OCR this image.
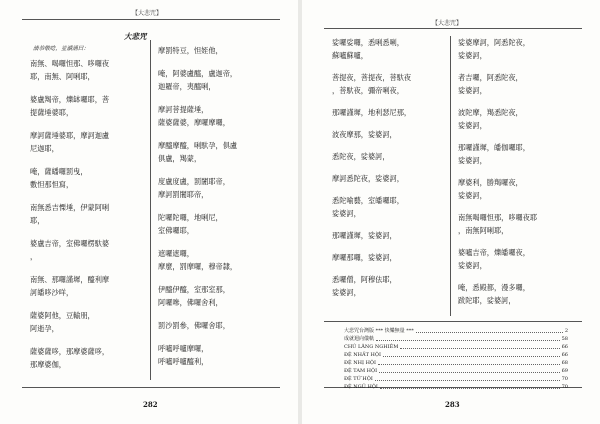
【大悲咒】
請恭敬唸，並讀誦曰：
大悲咒
南無、喝囉怛那、哆囉夜
耶，南無、阿唎耶，
婆盧羯帝，爍缽囉耶，菩
提薩埵婆耶，
摩訶薩埵婆耶，摩訶迦盧
尼迦耶，
唵，薩皤囉罰曳，
數怛那怛寫，
南無悉吉慄埵，伊蒙阿唎
耶，
婆盧吉帝，室佛囉楞馱婆
，
南無、那囉謹墀，醯利摩
訶皤哆沙咩，
薩婆阿他，豆輸朋，
阿逝孕，
薩婆薩哆，那摩婆薩哆，
那摩婆伽，
摩罰特豆，怛姪他，
唵，阿婆盧醯，盧迦帝，
迦羅帝，夷醯唎，
摩訶菩提薩埵，
薩婆薩婆，摩囉摩囉，
摩醯摩醯，唎馱孕，俱盧
俱盧，羯蒙，
度盧度盧，罰闍耶帝，
摩訶罰闍耶帝，
陀囉陀囉，地唎尼，
室佛囉耶，
遮囉遮囉，
摩麼，罰摩囉，穆帝隸，
伊醯伊醯，室那室那，
阿囉嘇，佛囉舍利，
罰沙罰參，佛囉舍耶，
呼嚧呼嚧摩囉，
呼嚧呼嚧醯利，
282
【大悲咒】
娑囉娑囉，悉唎悉唎，
蘇嚧蘇嚧，
菩提夜，菩提夜，菩馱夜
，菩馱夜，彌帝唎夜，
那囉謹墀，地利瑟尼那，
波夜摩那，娑婆訶，
悉陀夜，娑婆訶，
摩訶悉陀夜，娑婆訶，
悉陀喻藝，室皤囉耶，
娑婆訶，
那囉謹墀，娑婆訶，
摩囉那囉，娑婆訶，
悉囉僧，阿穆佉耶，
娑婆訶，
娑婆摩訶，阿悉陀夜，
娑婆訶，
者吉囉，阿悉陀夜，
娑婆訶，
波陀摩，羯悉陀夜，
娑婆訶，
那囉謹墀，皤伽囉耶，
娑婆訶，
摩婆利，勝羯囉夜，
娑婆訶，
南無喝囉怛那，哆囉夜耶
，南無阿唎耶，
婆嚧吉帝，爍皤囉夜，
娑婆訶，
唵，悉殿都，漫多囉，
跋陀耶，娑婆訶，
283
大悲咒台灣版 *** 快樂無量 ***	2
成就迴向儀軌	58
CHÚ LĂNG NGHIÊM	66
ĐỆ NHẤT HỘI	66
ĐỆ NHỊ HỘI	68
ĐỆ TAM HỘI	69
ĐỆ TỨ HỘI	70
ĐỆ NGŨ HỘI	70
